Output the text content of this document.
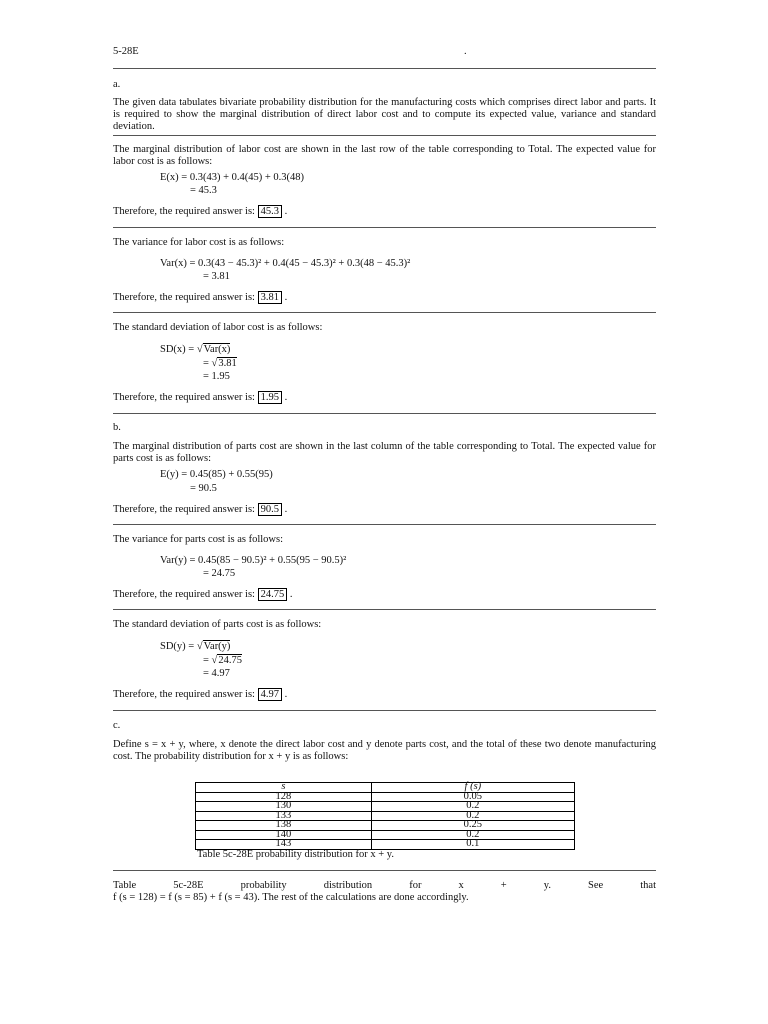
5-28E	.
a.
The given data tabulates bivariate probability distribution for the manufacturing costs which comprises direct labor and parts. It is required to show the marginal distribution of direct labor cost and to compute its expected value, variance and standard deviation.
The marginal distribution of labor cost are shown in the last row of the table corresponding to Total. The expected value for labor cost is as follows:
E(x) = 0.3(43) + 0.4(45) + 0.3(48)
= 45.3
Therefore, the required answer is: 45.3 .
The variance for labor cost is as follows:
Var(x) = 0.3(43 − 45.3)² + 0.4(45 − 45.3)² + 0.3(48 − 45.3)²
= 3.81
Therefore, the required answer is: 3.81 .
The standard deviation of labor cost is as follows:
SD(x) = √Var(x)
= √3.81
= 1.95
Therefore, the required answer is: 1.95 .
b.
The marginal distribution of parts cost are shown in the last column of the table corresponding to Total. The expected value for parts cost is as follows:
E(y) = 0.45(85) + 0.55(95)
= 90.5
Therefore, the required answer is: 90.5 .
The variance for parts cost is as follows:
Var(y) = 0.45(85 − 90.5)² + 0.55(95 − 90.5)²
= 24.75
Therefore, the required answer is: 24.75 .
The standard deviation of parts cost is as follows:
SD(y) = √Var(y)
= √24.75
= 4.97
Therefore, the required answer is: 4.97 .
c.
Define s = x + y, where, x denote the direct labor cost and y denote parts cost, and the total of these two denote manufacturing cost. The probability distribution for x + y is as follows:
s	f (s)
128	0.05
130	0.2
133	0.2
138	0.25
140	0.2
143	0.1
Table 5c-28E probability distribution for x + y.
Table 5c-28E probability distribution for x + y. See that
f (s = 128) = f (s = 85) + f (s = 43). The rest of the calculations are done accordingly.
